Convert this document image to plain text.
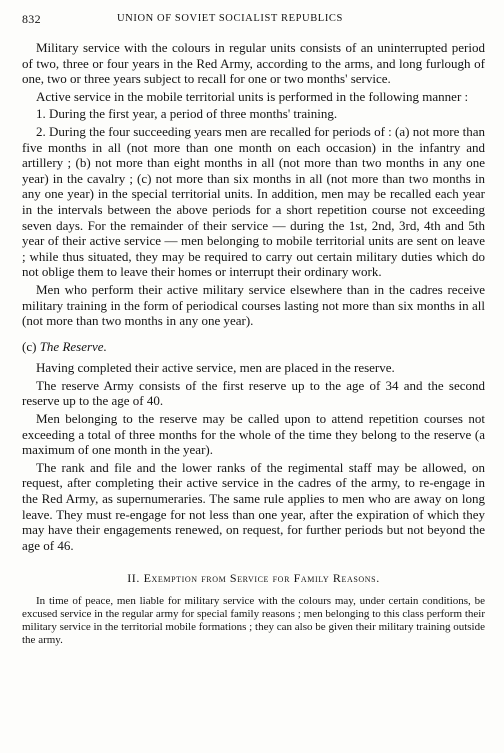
832	UNION OF SOVIET SOCIALIST REPUBLICS

Military service with the colours in regular units consists of an uninterrupted period of two, three or four years in the Red Army, according to the arms, and long furlough of one, two or three years subject to recall for one or two months' service.

Active service in the mobile territorial units is performed in the following manner :

1. During the first year, a period of three months' training.

2. During the four succeeding years men are recalled for periods of : (a) not more than five months in all (not more than one month on each occasion) in the infantry and artillery ; (b) not more than eight months in all (not more than two months in any one year) in the cavalry ; (c) not more than six months in all (not more than two months in any one year) in the special territorial units. In addition, men may be recalled each year in the intervals between the above periods for a short repetition course not exceeding seven days. For the remainder of their service — during the 1st, 2nd, 3rd, 4th and 5th year of their active service — men belonging to mobile territorial units are sent on leave ; while thus situated, they may be required to carry out certain military duties which do not oblige them to leave their homes or interrupt their ordinary work.

Men who perform their active military service elsewhere than in the cadres receive military training in the form of periodical courses lasting not more than six months in all (not more than two months in any one year).

(c) The Reserve.

Having completed their active service, men are placed in the reserve.

The reserve Army consists of the first reserve up to the age of 34 and the second reserve up to the age of 40.

Men belonging to the reserve may be called upon to attend repetition courses not exceeding a total of three months for the whole of the time they belong to the reserve (a maximum of one month in the year).

The rank and file and the lower ranks of the regimental staff may be allowed, on request, after completing their active service in the cadres of the army, to re-engage in the Red Army, as supernumeraries. The same rule applies to men who are away on long leave. They must re-engage for not less than one year, after the expiration of which they may have their engagements renewed, on request, for further periods but not beyond the age of 46.

II. Exemption from Service for Family Reasons.

In time of peace, men liable for military service with the colours may, under certain conditions, be excused service in the regular army for special family reasons ; men belonging to this class perform their military service in the territorial mobile formations ; they can also be given their military training outside the army.
